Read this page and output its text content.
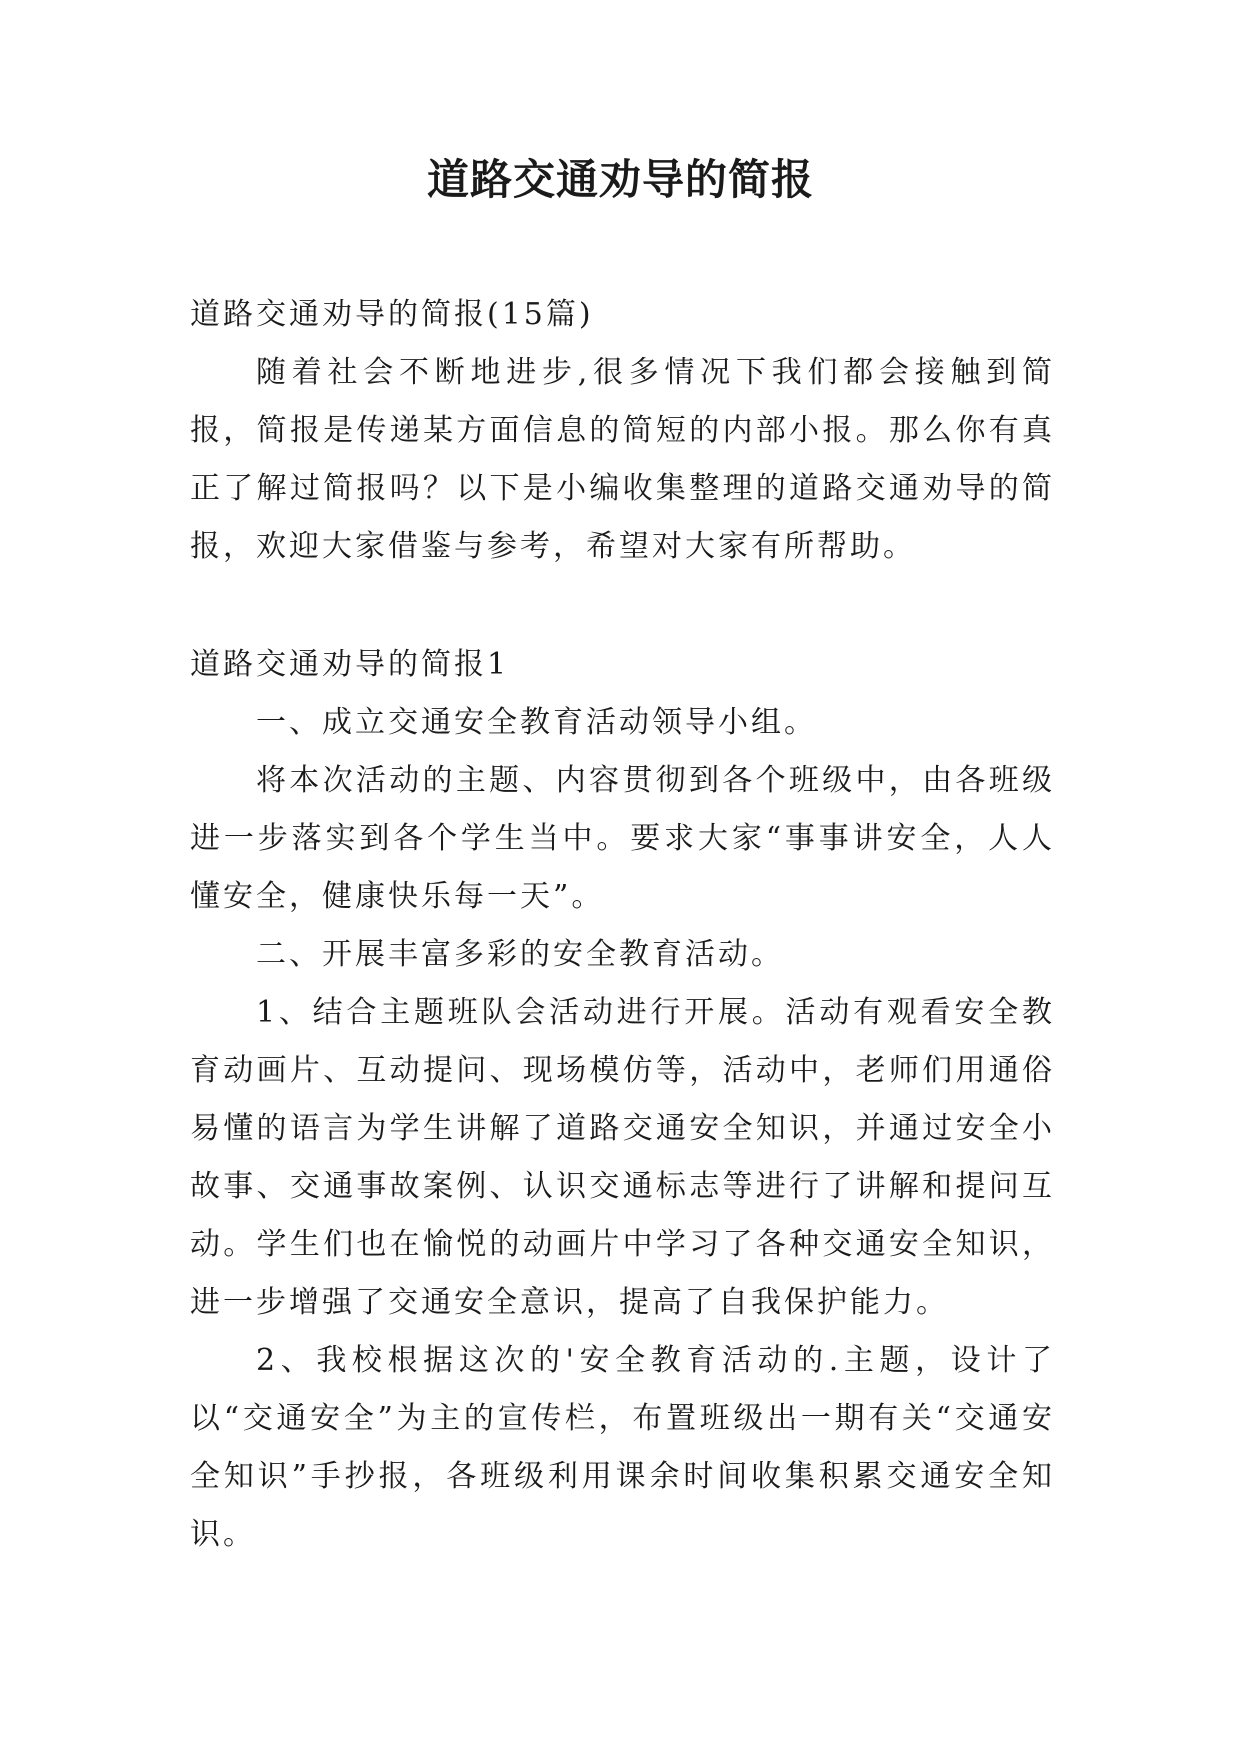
道路交通劝导的简报

道路交通劝导的简报(15篇)

随着社会不断地进步,很多情况下我们都会接触到简报，简报是传递某方面信息的简短的内部小报。那么你有真正了解过简报吗？以下是小编收集整理的道路交通劝导的简报，欢迎大家借鉴与参考，希望对大家有所帮助。

道路交通劝导的简报1

一、成立交通安全教育活动领导小组。

将本次活动的主题、内容贯彻到各个班级中，由各班级进一步落实到各个学生当中。要求大家“事事讲安全，人人懂安全，健康快乐每一天”。

二、开展丰富多彩的安全教育活动。

1、结合主题班队会活动进行开展。活动有观看安全教育动画片、互动提问、现场模仿等，活动中，老师们用通俗易懂的语言为学生讲解了道路交通安全知识，并通过安全小故事、交通事故案例、认识交通标志等进行了讲解和提问互动。学生们也在愉悦的动画片中学习了各种交通安全知识，进一步增强了交通安全意识，提高了自我保护能力。

2、我校根据这次的'安全教育活动的.主题，设计了以“交通安全”为主的宣传栏，布置班级出一期有关“交通安全知识”手抄报，各班级利用课余时间收集积累交通安全知识。
